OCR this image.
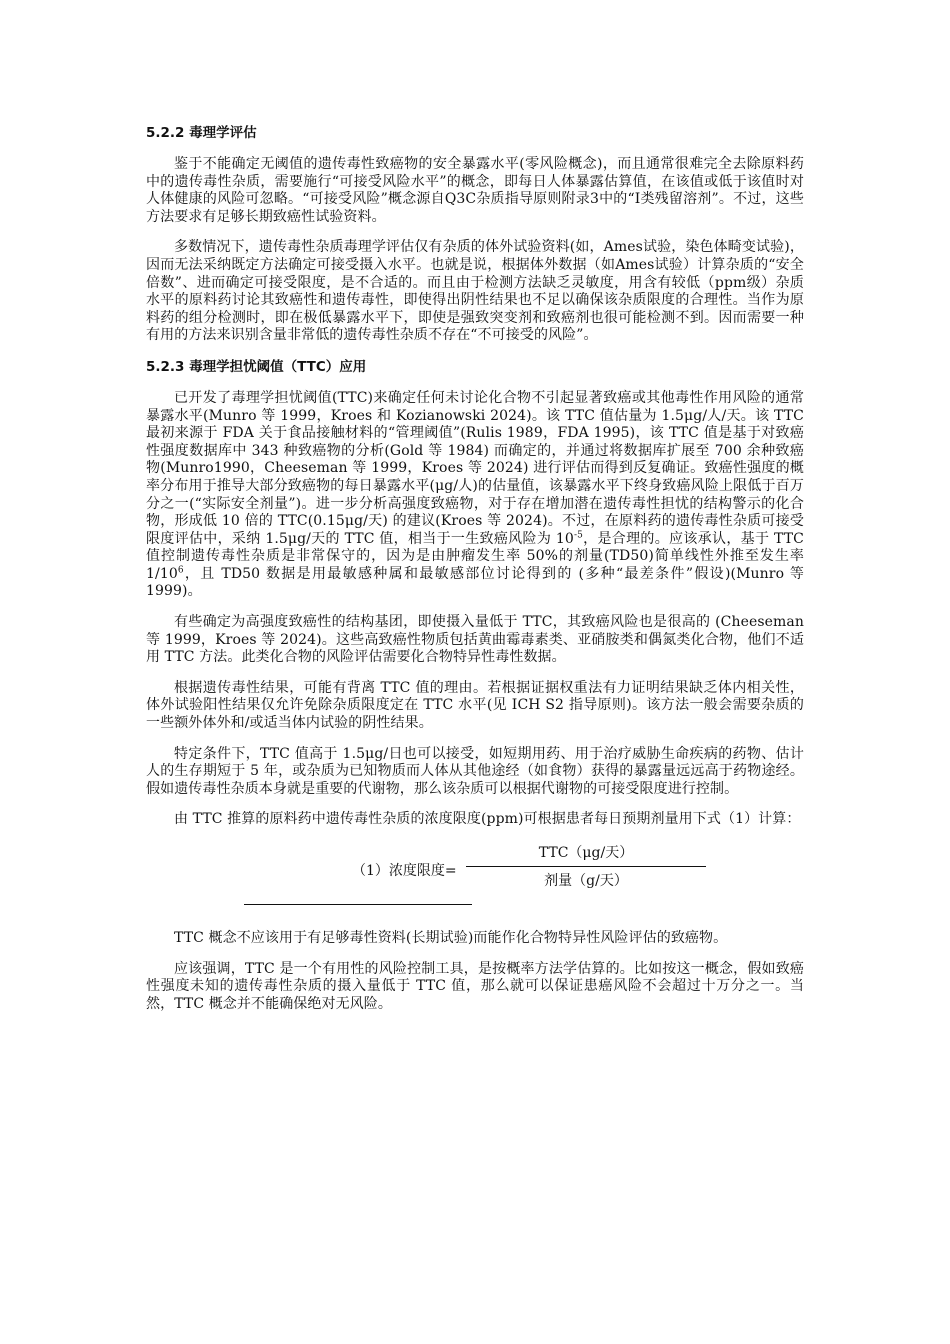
5.2.2 毒理学评估

鉴于不能确定无阈值的遗传毒性致癌物的安全暴露水平(零风险概念)，而且通常很难完全去除原料药中的遗传毒性杂质，需要施行“可接受风险水平”的概念，即每日人体暴露估算值，在该值或低于该值时对人体健康的风险可忽略。“可接受风险”概念源自Q3C杂质指导原则附录3中的“I类残留溶剂”。不过，这些方法要求有足够长期致癌性试验资料。

多数情况下，遗传毒性杂质毒理学评估仅有杂质的体外试验资料(如，Ames试验，染色体畸变试验)，因而无法采纳既定方法确定可接受摄入水平。也就是说，根据体外数据（如Ames试验）计算杂质的“安全倍数”、进而确定可接受限度，是不合适的。而且由于检测方法缺乏灵敏度，用含有较低（ppm级）杂质水平的原料药讨论其致癌性和遗传毒性，即使得出阴性结果也不足以确保该杂质限度的合理性。当作为原料药的组分检测时，即在极低暴露水平下，即使是强致突变剂和致癌剂也很可能检测不到。因而需要一种有用的方法来识别含量非常低的遗传毒性杂质不存在“不可接受的风险”。

5.2.3 毒理学担忧阈值（TTC）应用

已开发了毒理学担忧阈值(TTC)来确定任何未讨论化合物不引起显著致癌或其他毒性作用风险的通常暴露水平(Munro 等 1999，Kroes 和 Kozianowski 2024)。该 TTC 值估量为 1.5μg/人/天。该 TTC 最初来源于 FDA 关于食品接触材料的“管理阈值”(Rulis 1989，FDA 1995)，该 TTC 值是基于对致癌性强度数据库中 343 种致癌物的分析(Gold 等 1984) 而确定的，并通过将数据库扩展至 700 余种致癌物(Munro1990，Cheeseman 等 1999，Kroes 等 2024) 进行评估而得到反复确证。致癌性强度的概率分布用于推导大部分致癌物的每日暴露水平(μg/人)的估量值，该暴露水平下终身致癌风险上限低于百万分之一(“实际安全剂量”)。进一步分析高强度致癌物，对于存在增加潜在遗传毒性担忧的结构警示的化合物，形成低 10 倍的 TTC(0.15μg/天) 的建议(Kroes 等 2024)。不过，在原料药的遗传毒性杂质可接受限度评估中，采纳 1.5μg/天的 TTC 值，相当于一生致癌风险为 $10^{-5}$，是合理的。应该承认，基于 TTC 值控制遗传毒性杂质是非常保守的，因为是由肿瘤发生率 50%的剂量(TD50)简单线性外推至发生率 $1/10^6$，且 TD50 数据是用最敏感种属和最敏感部位讨论得到的 (多种“最差条件”假设)(Munro 等 1999)。

有些确定为高强度致癌性的结构基团，即使摄入量低于 TTC，其致癌风险也是很高的 (Cheeseman 等 1999，Kroes 等 2024)。这些高致癌性物质包括黄曲霉毒素类、亚硝胺类和偶氮类化合物，他们不适用 TTC 方法。此类化合物的风险评估需要化合物特异性毒性数据。

根据遗传毒性结果，可能有背离 TTC 值的理由。若根据证据权重法有力证明结果缺乏体内相关性，体外试验阳性结果仅允许免除杂质限度定在 TTC 水平(见 ICH S2 指导原则)。该方法一般会需要杂质的一些额外体外和/或适当体内试验的阴性结果。

特定条件下，TTC 值高于 1.5μg/日也可以接受，如短期用药、用于治疗威胁生命疾病的药物、估计人的生存期短于 5 年，或杂质为已知物质而人体从其他途经（如食物）获得的暴露量远远高于药物途经。假如遗传毒性杂质本身就是重要的代谢物，那么该杂质可以根据代谢物的可接受限度进行控制。

由 TTC 推算的原料药中遗传毒性杂质的浓度限度(ppm)可根据患者每日预期剂量用下式（1）计算：

（1）浓度限度=
TTC（μg/天）
剂量（g/天）

TTC 概念不应该用于有足够毒性资料(长期试验)而能作化合物特异性风险评估的致癌物。

应该强调，TTC 是一个有用性的风险控制工具，是按概率方法学估算的。比如按这一概念，假如致癌性强度未知的遗传毒性杂质的摄入量低于 TTC 值，那么就可以保证患癌风险不会超过十万分之一。当然，TTC 概念并不能确保绝对无风险。
